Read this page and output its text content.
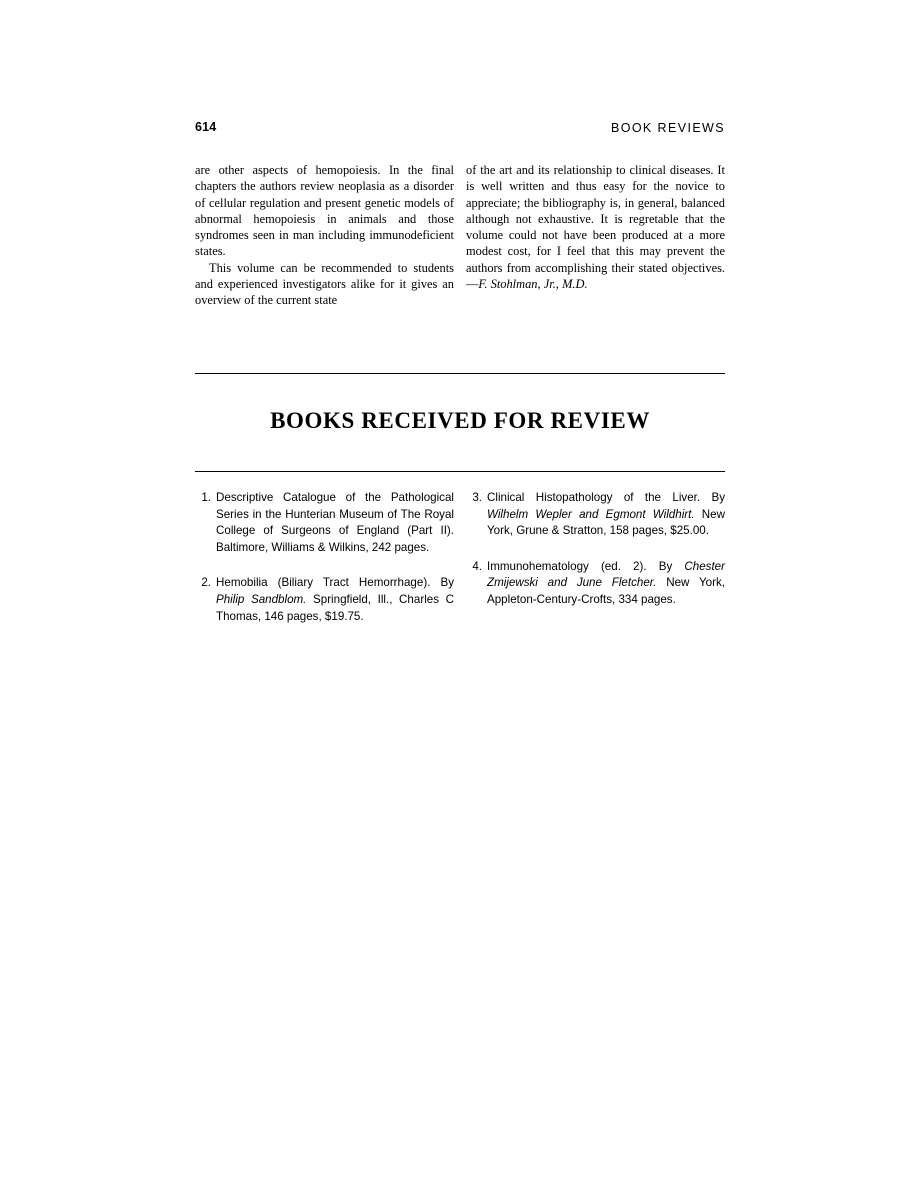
614	BOOK REVIEWS

are other aspects of hemopoiesis. In the final chapters the authors review neoplasia as a disorder of cellular regulation and present genetic models of abnormal hemopoiesis in animals and those syndromes seen in man including immunodeficient states.

This volume can be recommended to students and experienced investigators alike for it gives an overview of the current state

of the art and its relationship to clinical diseases. It is well written and thus easy for the novice to appreciate; the bibliography is, in general, balanced although not exhaustive. It is regretable that the volume could not have been produced at a more modest cost, for I feel that this may prevent the authors from accomplishing their stated objectives.—F. Stohlman, Jr., M.D.

BOOKS RECEIVED FOR REVIEW
1. Descriptive Catalogue of the Pathological Series in the Hunterian Museum of The Royal College of Surgeons of England (Part II). Baltimore, Williams & Wilkins, 242 pages.
2. Hemobilia (Biliary Tract Hemorrhage). By Philip Sandblom. Springfield, Ill., Charles C Thomas, 146 pages, $19.75.
3. Clinical Histopathology of the Liver. By Wilhelm Wepler and Egmont Wildhirt. New York, Grune & Stratton, 158 pages, $25.00.
4. Immunohematology (ed. 2). By Chester Zmijewski and June Fletcher. New York, Appleton-Century-Crofts, 334 pages.
